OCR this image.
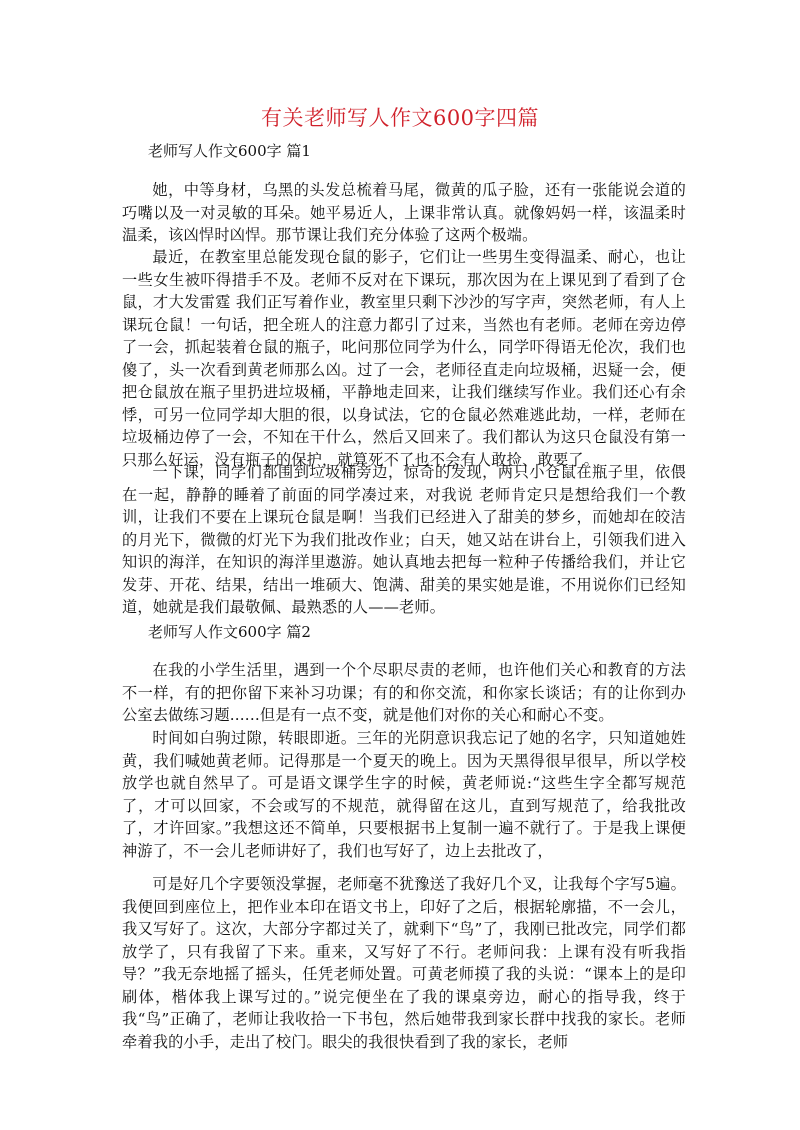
有关老师写人作文600字四篇
老师写人作文600字 篇1

她，中等身材，乌黑的头发总梳着马尾，微黄的瓜子脸，还有一张能说会道的巧嘴以及一对灵敏的耳朵。她平易近人，上课非常认真。就像妈妈一样，该温柔时温柔，该凶悍时凶悍。那节课让我们充分体验了这两个极端。

最近，在教室里总能发现仓鼠的影子，它们让一些男生变得温柔、耐心，也让一些女生被吓得措手不及。老师不反对在下课玩，那次因为在上课见到了看到了仓鼠，才大发雷霆 我们正写着作业，教室里只剩下沙沙的写字声，突然老师，有人上课玩仓鼠！一句话，把全班人的注意力都引了过来，当然也有老师。老师在旁边停了一会，抓起装着仓鼠的瓶子，叱问那位同学为什么，同学吓得语无伦次，我们也傻了，头一次看到黄老师那么凶。过了一会，老师径直走向垃圾桶，迟疑一会，便把仓鼠放在瓶子里扔进垃圾桶，平静地走回来，让我们继续写作业。我们还心有余悸，可另一位同学却大胆的很，以身试法，它的仓鼠必然难逃此劫，一样，老师在垃圾桶边停了一会，不知在干什么，然后又回来了。我们都认为这只仓鼠没有第一只那么好运，没有瓶子的保护，就算死不了也不会有人敢捡、敢要了。

一下课，同学们都围到垃圾桶旁边，惊奇的发现，两只小仓鼠在瓶子里，依偎在一起，静静的睡着了前面的同学凑过来，对我说 老师肯定只是想给我们一个教训，让我们不要在上课玩仓鼠是啊！当我们已经进入了甜美的梦乡，而她却在皎洁的月光下，微微的灯光下为我们批改作业；白天，她又站在讲台上，引领我们进入知识的海洋，在知识的海洋里遨游。她认真地去把每一粒种子传播给我们，并让它发芽、开花、结果，结出一堆硕大、饱满、甜美的果实她是谁，不用说你们已经知道，她就是我们最敬佩、最熟悉的人——老师。

老师写人作文600字 篇2

在我的小学生活里，遇到一个个尽职尽责的老师，也许他们关心和教育的方法不一样，有的把你留下来补习功课；有的和你交流，和你家长谈话；有的让你到办公室去做练习题......但是有一点不变，就是他们对你的关心和耐心不变。

时间如白驹过隙，转眼即逝。三年的光阴意识我忘记了她的名字，只知道她姓黄，我们喊她黄老师。记得那是一个夏天的晚上。因为天黑得很早很早，所以学校放学也就自然早了。可是语文课学生字的时候，黄老师说:“这些生字全都写规范了，才可以回家，不会或写的不规范，就得留在这儿，直到写规范了，给我批改了，才许回家。”我想这还不简单，只要根据书上复制一遍不就行了。于是我上课便神游了，不一会儿老师讲好了，我们也写好了，边上去批改了，

可是好几个字要领没掌握，老师毫不犹豫送了我好几个叉，让我每个字写5遍。我便回到座位上，把作业本印在语文书上，印好了之后，根据轮廓描，不一会儿，我又写好了。这次，大部分字都过关了，就剩下“鸟”了，我刚已批改完，同学们都放学了，只有我留了下来。重来，又写好了不行。老师问我：上课有没有听我指导？”我无奈地摇了摇头，任凭老师处置。可黄老师摸了我的头说：“课本上的是印刷体，楷体我上课写过的。”说完便坐在了我的课桌旁边，耐心的指导我，终于我“鸟”正确了，老师让我收拾一下书包，然后她带我到家长群中找我的家长。老师牵着我的小手，走出了校门。眼尖的我很快看到了我的家长，老师
